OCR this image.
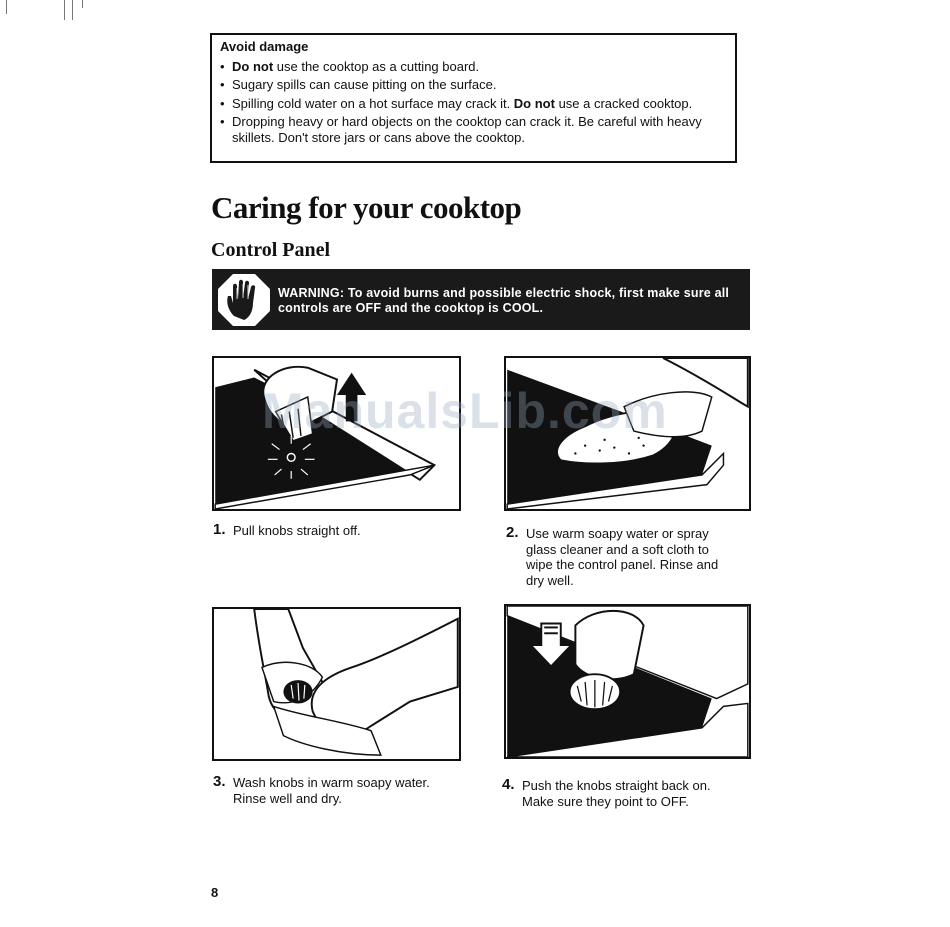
Avoid damage
• Do not use the cooktop as a cutting board.
• Sugary spills can cause pitting on the surface.
• Spilling cold water on a hot surface may crack it. Do not use a cracked cooktop.
• Dropping heavy or hard objects on the cooktop can crack it. Be careful with heavy skillets. Don't store jars or cans above the cooktop.
Caring for your cooktop
Control Panel
WARNING: To avoid burns and possible electric shock, first make sure all controls are OFF and the cooktop is COOL.
ManualsLib.com
1. Pull knobs straight off.	2. Use warm soapy water or spray
glass cleaner and a soft cloth to
wipe the control panel. Rinse and
dry well.
3. Wash knobs in warm soapy water.
Rinse well and dry.
4. Push the knobs straight back on.
Make sure they point to OFF.
8
